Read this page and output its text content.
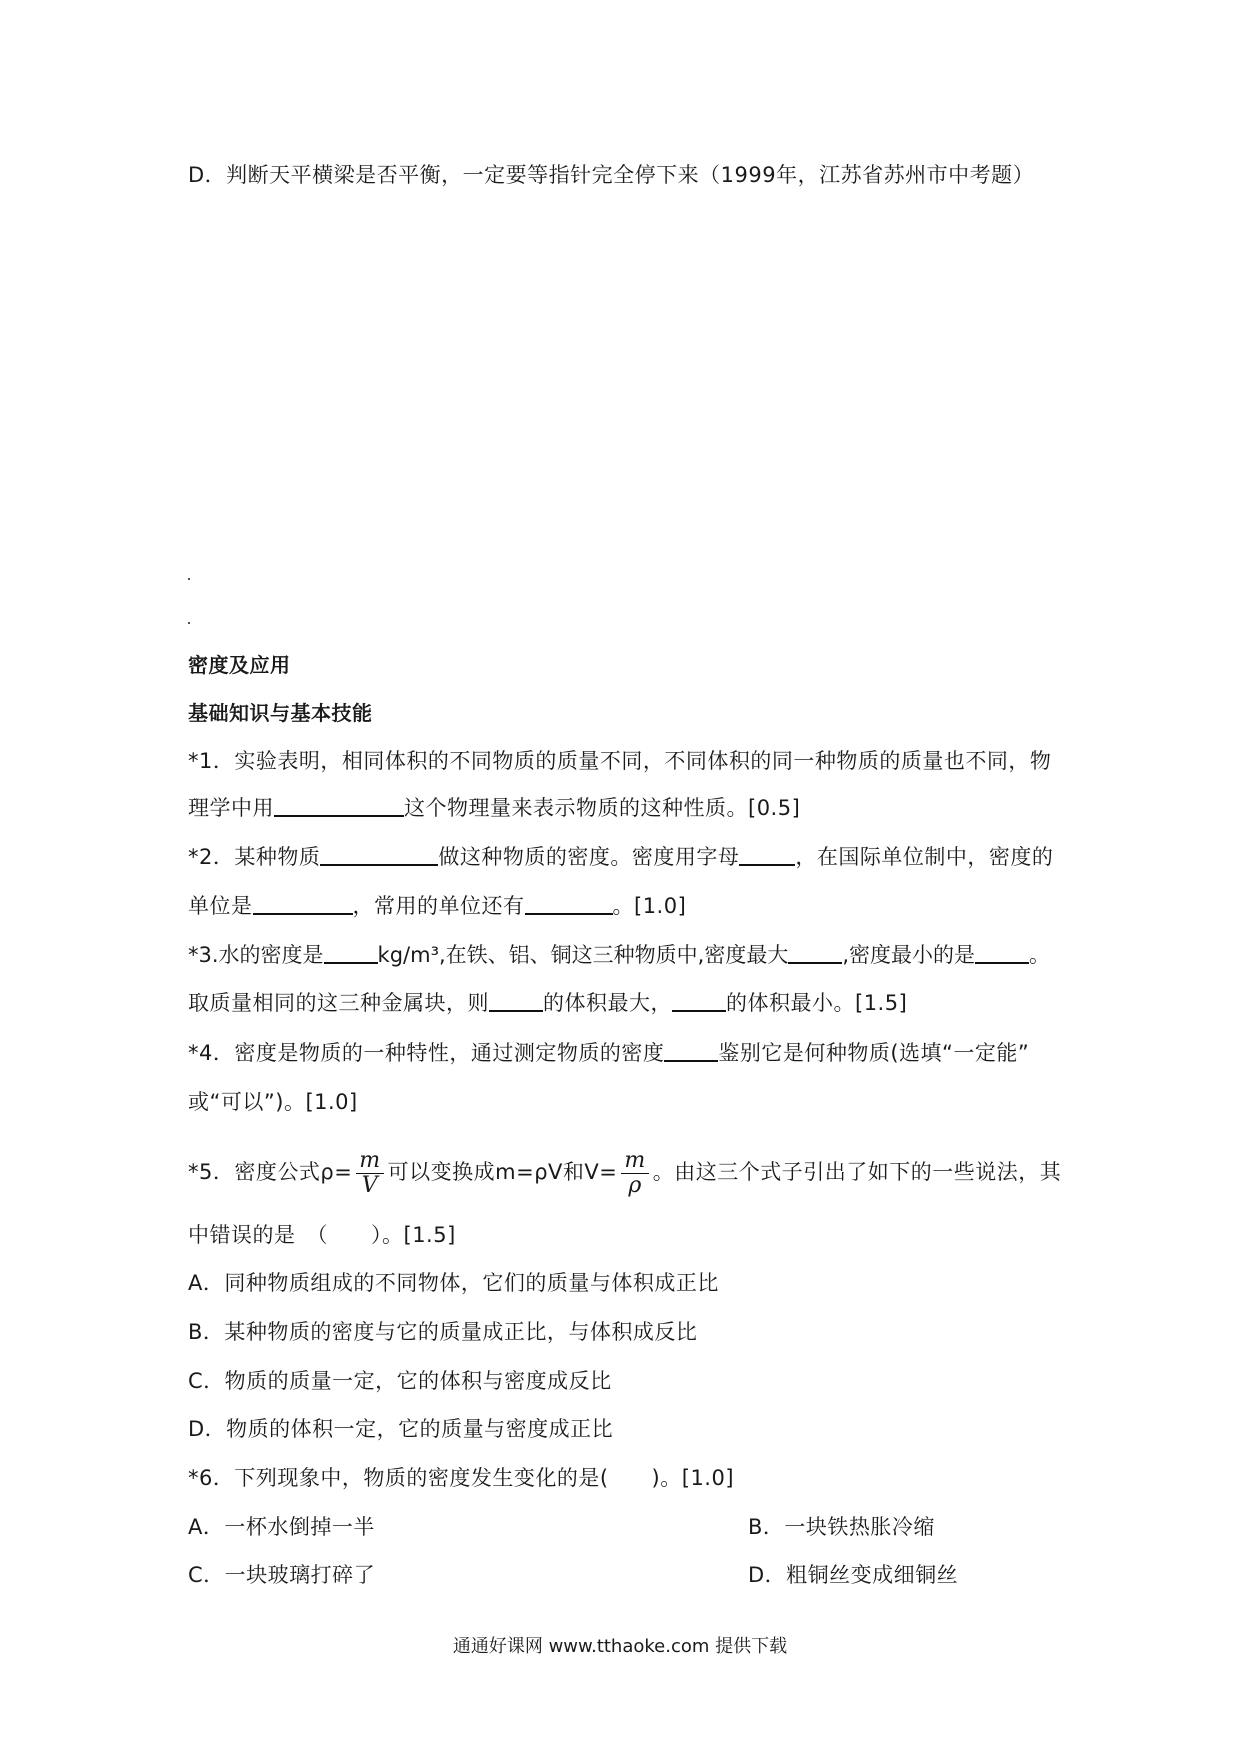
D．判断天平横梁是否平衡，一定要等指针完全停下来（1999年，江苏省苏州市中考题）
密度及应用
基础知识与基本技能
*1．实验表明，相同体积的不同物质的质量不同，不同体积的同一种物质的质量也不同，物
理学中用	这个物理量来表示物质的这种性质。[0.5]
*2．某种物质	做这种物质的密度。密度用字母	，在国际单位制中，密度的
单位是	，常用的单位还有	。[1.0]
*3.水的密度是	kg/m³,在铁、铝、铜这三种物质中,密度最大	,密度最小的是	。
取质量相同的这三种金属块，则	的体积最大，	的体积最小。[1.5]
*4．密度是物质的一种特性，通过测定物质的密度	鉴别它是何种物质(选填“一定能”
或“可以”)。[1.0]
*5．密度公式$\rho= \frac{m}{V}$ 可以变换成m=ρV和$V= \frac{m}{\rho}$ 。由这三个式子引出了如下的一些说法，其
中错误的是　（　　）。[1.5]
A．同种物质组成的不同物体，它们的质量与体积成正比
B．某种物质的密度与它的质量成正比，与体积成反比
C．物质的质量一定，它的体积与密度成反比
D．物质的体积一定，它的质量与密度成正比
*6．下列现象中，物质的密度发生变化的是(　　)。[1.0]
A．一杯水倒掉一半	B．一块铁热胀冷缩
C．一块玻璃打碎了	D．粗铜丝变成细铜丝
通通好课网 www.tthaoke.com 提供下载
